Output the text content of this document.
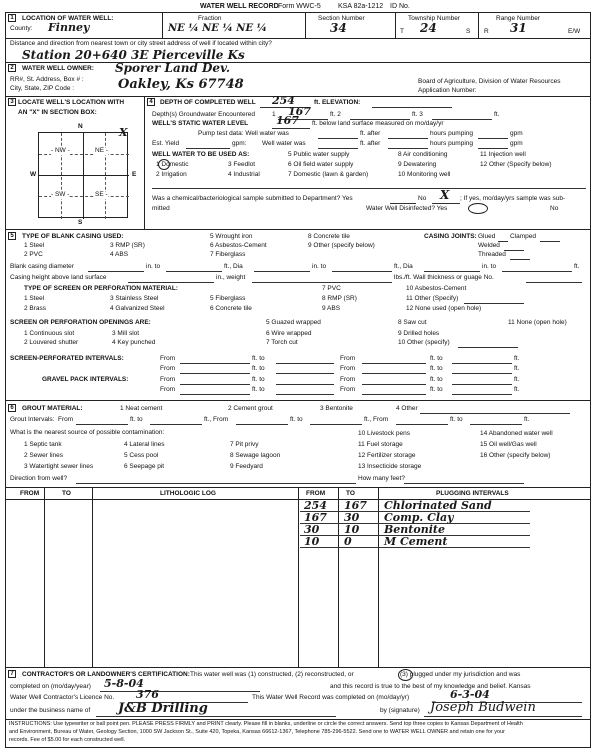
WATER WELL RECORD Form WWC-5 KSA 82a-1212 ID No.
1	LOCATION OF WATER WELL:
County: Finney
Fraction
NE ¼ NE ¼ NE ¼
Section Number
34
Township Number
T 24	S
Range Number
R 31	E/W
Distance and direction from nearest town or city street address of well if located within city?
Station 20+640 3E Pierceville Ks
2	WATER WELL OWNER: Sporer Land Dev.
RR#, St. Address, Box # :
City, State, ZIP Code :	Oakley, Ks 67748	Board of Agriculture, Division of Water Resources
Application Number:
3 LOCATE WELL'S LOCATION WITH
AN "X" IN SECTION BOX:
N
S
W	E
- NW -	NE -
- SW -	SE -
X
4	DEPTH OF COMPLETED WELL 254	ft. ELEVATION:
Depth(s) Groundwater Encountered	1 167	ft. 2	ft. 3	ft.
WELL'S STATIC WATER LEVEL	167 ft. below land surface measured on mo/day/yr
Pump test data: Well water was	ft. after	hours pumping	gpm
Est. Yield	gpm: Well water was	ft. after	hours pumping	gpm
WELL WATER TO BE USED AS:
1 Domestic
2 Irrigation
3 Feedlot
4 Industrial
5 Public water supply
6 Oil field water supply
7 Domestic (lawn & garden)
8 Air conditioning
9 Dewatering
10 Monitoring well
11 Injection well
12 Other (Specify below)
Was a chemical/bacteriological sample submitted to Department? Yes	No X ; If yes, mo/day/yrs sample was sub-
mitted	Water Well Disinfected? Yes	No
5	TYPE OF BLANK CASING USED:
1 Steel
2 PVC
3 RMP (SR)
4 ABS
5 Wrought iron
6 Asbestos-Cement
7 Fiberglass
8 Concrete tile
9 Other (specify below)
CASING JOINTS: Glued Clamped
Welded
Threaded
Blank casing diameter	in. to	ft., Dia	in. to	ft., Dia	in. to	ft.
Casing height above land surface	in., weight	lbs./ft. Wall thickness or guage No.
TYPE OF SCREEN OR PERFORATION MATERIAL:
1 Steel
2 Brass
3 Stainless Steel
4 Galvanized Steel
5 Fiberglass
6 Concrete tile
7 PVC
8 RMP (SR)
9 ABS
10 Asbestos-Cement
11 Other (Specify)
12 None used (open hole)
SCREEN OR PERFORATION OPENINGS ARE:
1 Continuous slot
2 Louvered shutter
3 Mill slot
4 Key punched
5 Guazed wrapped
6 Wire wrapped
7 Torch cut
8 Saw cut
9 Drilled holes
10 Other (specify)
11 None (open hole)
SCREEN-PERFORATED INTERVALS:
GRAVEL PACK INTERVALS:
From	ft. to	From	ft. to	ft.
From	ft. to	From	ft. to	ft.
From	ft. to	From	ft. to	ft.
From	ft. to	From	ft. to	ft.
6	GROUT MATERIAL:	1 Neat cement	2 Cement grout	3 Bentonite	4 Other
Grout Intervals: From	ft. to	ft., From	ft. to	ft., From	ft. to	ft.
What is the nearest source of possible contamination:
1 Septic tank
2 Sewer lines
3 Watertight sewer lines
4 Lateral lines
5 Cess pool
6 Seepage pit
7 Pit privy
8 Sewage lagoon
9 Feedyard
10 Livestock pens
11 Fuel storage
12 Fertilizer storage
13 Insecticide storage
14 Abandoned water well
15 Oil well/Gas well
16 Other (specify below)
Direction from well?	How many feet?
FROM	TO	LITHOLOGIC LOG	FROM	TO	PLUGGING INTERVALS
254 167 Chlorinated Sand
167 30 Comp. Clay
30 10 Bentonite
10 0	M Cement
7	CONTRACTOR'S OR LANDOWNER'S CERTIFICATION: This water well was (1) constructed, (2) reconstructed, or	(3) plugged under my jurisdiction and was
completed on (mo/day/year) 5-8-04	and this record is true to the best of my knowledge and belief. Kansas
Water Well Contractor's Licence No. 376	This Water Well Record was completed on (mo/day/yr)	6-3-04
under the business name of J&B Drilling	by (signature) Joseph Budwein
INSTRUCTIONS: Use typewriter or ball point pen. PLEASE PRESS FIRMLY and PRINT clearly. Please fill in blanks, underline or circle the correct answers. Send top three copies to Kansas Department of Health
and Environment, Bureau of Water, Geology Section, 1000 SW Jackson St., Suite 420, Topeka, Kansas 66612-1367, Telephone 785-296-5522. Send one to WATER WELL OWNER and retain one for your
records. Fee of $5.00 for each constructed well.
